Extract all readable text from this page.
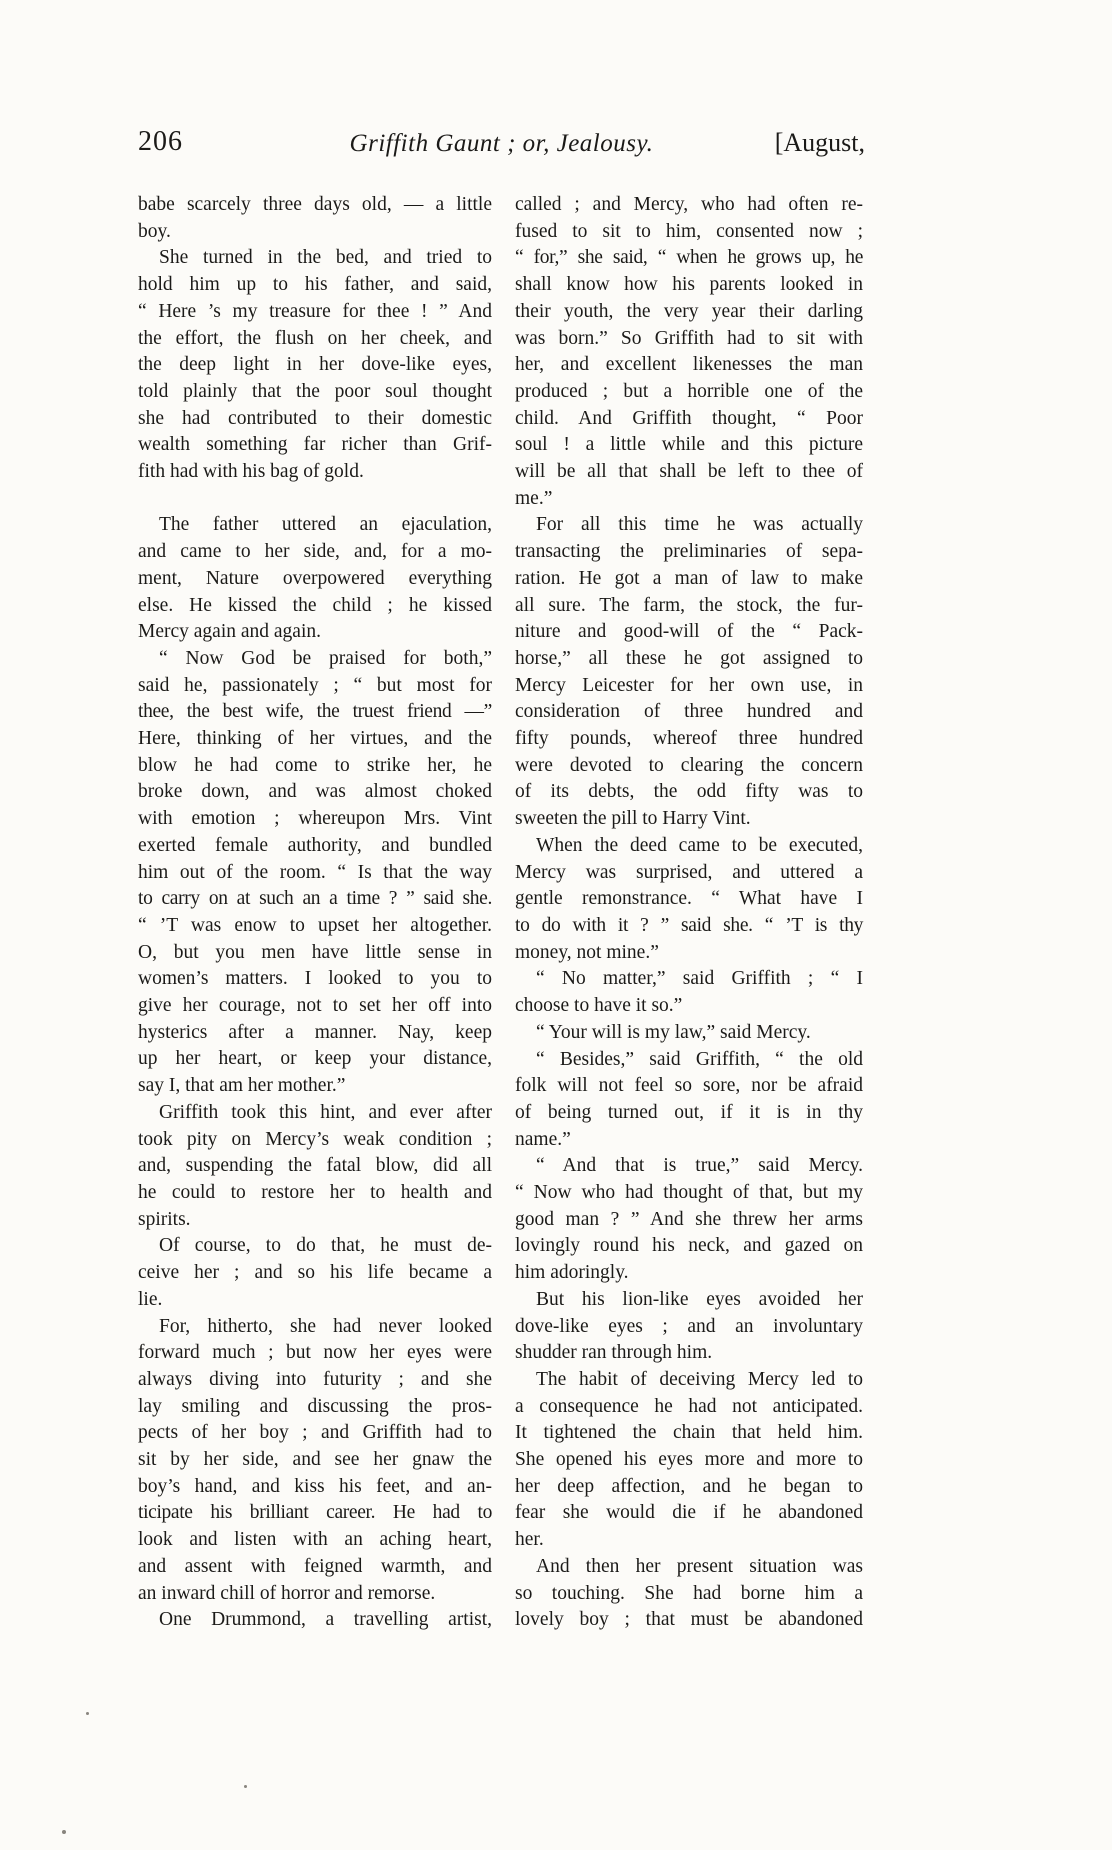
206	Griffith Gaunt ; or, Jealousy.	[August,
babe scarcely three days old, — a little
boy.
She turned in the bed, and tried to
hold him up to his father, and said,
“ Here ’s my treasure for thee ! ” And
the effort, the flush on her cheek, and
the deep light in her dove-like eyes,
told plainly that the poor soul thought
she had contributed to their domestic
wealth something far richer than Grif-
fith had with his bag of gold.
The father uttered an ejaculation,
and came to her side, and, for a mo-
ment, Nature overpowered everything
else. He kissed the child ; he kissed
Mercy again and again.
“ Now God be praised for both,”
said he, passionately ; “ but most for
thee, the best wife, the truest friend —”
Here, thinking of her virtues, and the
blow he had come to strike her, he
broke down, and was almost choked
with emotion ; whereupon Mrs. Vint
exerted female authority, and bundled
him out of the room. “ Is that the way
to carry on at such an a time ? ” said she.
“ ’T was enow to upset her altogether.
O, but you men have little sense in
women’s matters. I looked to you to
give her courage, not to set her off into
hysterics after a manner. Nay, keep
up her heart, or keep your distance,
say I, that am her mother.”
Griffith took this hint, and ever after
took pity on Mercy’s weak condition ;
and, suspending the fatal blow, did all
he could to restore her to health and
spirits.
Of course, to do that, he must de-
ceive her ; and so his life became a
lie.
For, hitherto, she had never looked
forward much ; but now her eyes were
always diving into futurity ; and she
lay smiling and discussing the pros-
pects of her boy ; and Griffith had to
sit by her side, and see her gnaw the
boy’s hand, and kiss his feet, and an-
ticipate his brilliant career. He had to
look and listen with an aching heart,
and assent with feigned warmth, and
an inward chill of horror and remorse.
One Drummond, a travelling artist,
called ; and Mercy, who had often re-
fused to sit to him, consented now ;
“ for,” she said, “ when he grows up, he
shall know how his parents looked in
their youth, the very year their darling
was born.” So Griffith had to sit with
her, and excellent likenesses the man
produced ; but a horrible one of the
child. And Griffith thought, “ Poor
soul ! a little while and this picture
will be all that shall be left to thee of
me.”
For all this time he was actually
transacting the preliminaries of sepa-
ration. He got a man of law to make
all sure. The farm, the stock, the fur-
niture and good-will of the “ Pack-
horse,” all these he got assigned to
Mercy Leicester for her own use, in
consideration of three hundred and
fifty pounds, whereof three hundred
were devoted to clearing the concern
of its debts, the odd fifty was to
sweeten the pill to Harry Vint.
When the deed came to be executed,
Mercy was surprised, and uttered a
gentle remonstrance. “ What have I
to do with it ? ” said she. “ ’T is thy
money, not mine.”
“ No matter,” said Griffith ; “ I
choose to have it so.”
“ Your will is my law,” said Mercy.
“ Besides,” said Griffith, “ the old
folk will not feel so sore, nor be afraid
of being turned out, if it is in thy
name.”
“ And that is true,” said Mercy.
“ Now who had thought of that, but my
good man ? ” And she threw her arms
lovingly round his neck, and gazed on
him adoringly.
But his lion-like eyes avoided her
dove-like eyes ; and an involuntary
shudder ran through him.
The habit of deceiving Mercy led to
a consequence he had not anticipated.
It tightened the chain that held him.
She opened his eyes more and more to
her deep affection, and he began to
fear she would die if he abandoned
her.
And then her present situation was
so touching. She had borne him a
lovely boy ; that must be abandoned
